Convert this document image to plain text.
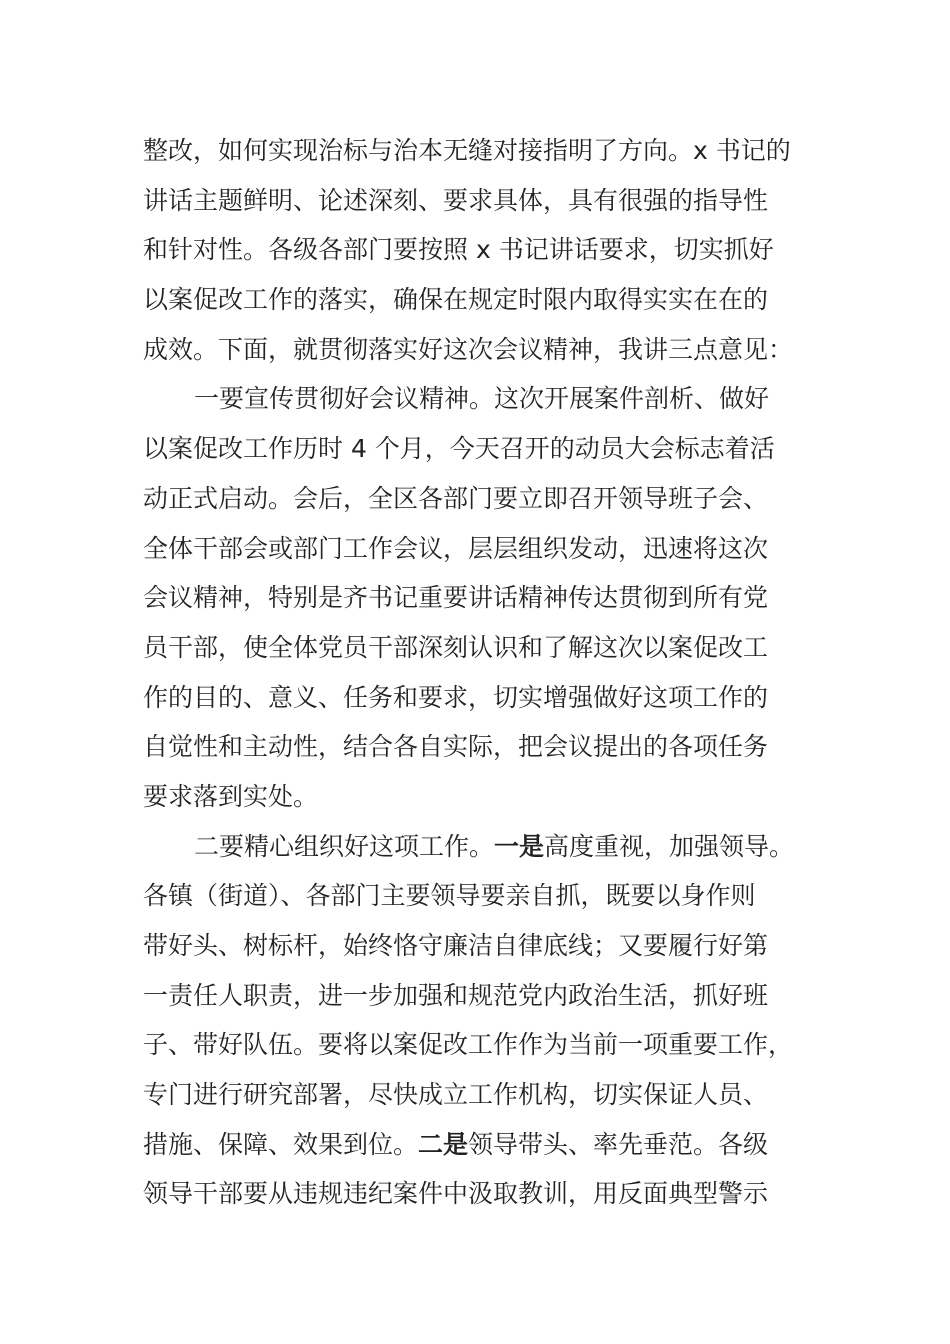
整改，如何实现治标与治本无缝对接指明了方向。x 书记的
讲话主题鲜明、论述深刻、要求具体，具有很强的指导性
和针对性。各级各部门要按照 x 书记讲话要求，切实抓好
以案促改工作的落实，确保在规定时限内取得实实在在的
成效。下面，就贯彻落实好这次会议精神，我讲三点意见：
一要宣传贯彻好会议精神。这次开展案件剖析、做好
以案促改工作历时 4 个月，今天召开的动员大会标志着活
动正式启动。会后，全区各部门要立即召开领导班子会、
全体干部会或部门工作会议，层层组织发动，迅速将这次
会议精神，特别是齐书记重要讲话精神传达贯彻到所有党
员干部，使全体党员干部深刻认识和了解这次以案促改工
作的目的、意义、任务和要求，切实增强做好这项工作的
自觉性和主动性，结合各自实际，把会议提出的各项任务
要求落到实处。
二要精心组织好这项工作。一是高度重视，加强领导。
各镇（街道）、各部门主要领导要亲自抓，既要以身作则
带好头、树标杆，始终恪守廉洁自律底线；又要履行好第
一责任人职责，进一步加强和规范党内政治生活，抓好班
子、带好队伍。要将以案促改工作作为当前一项重要工作，
专门进行研究部署，尽快成立工作机构，切实保证人员、
措施、保障、效果到位。二是领导带头、率先垂范。各级
领导干部要从违规违纪案件中汲取教训，用反面典型警示
